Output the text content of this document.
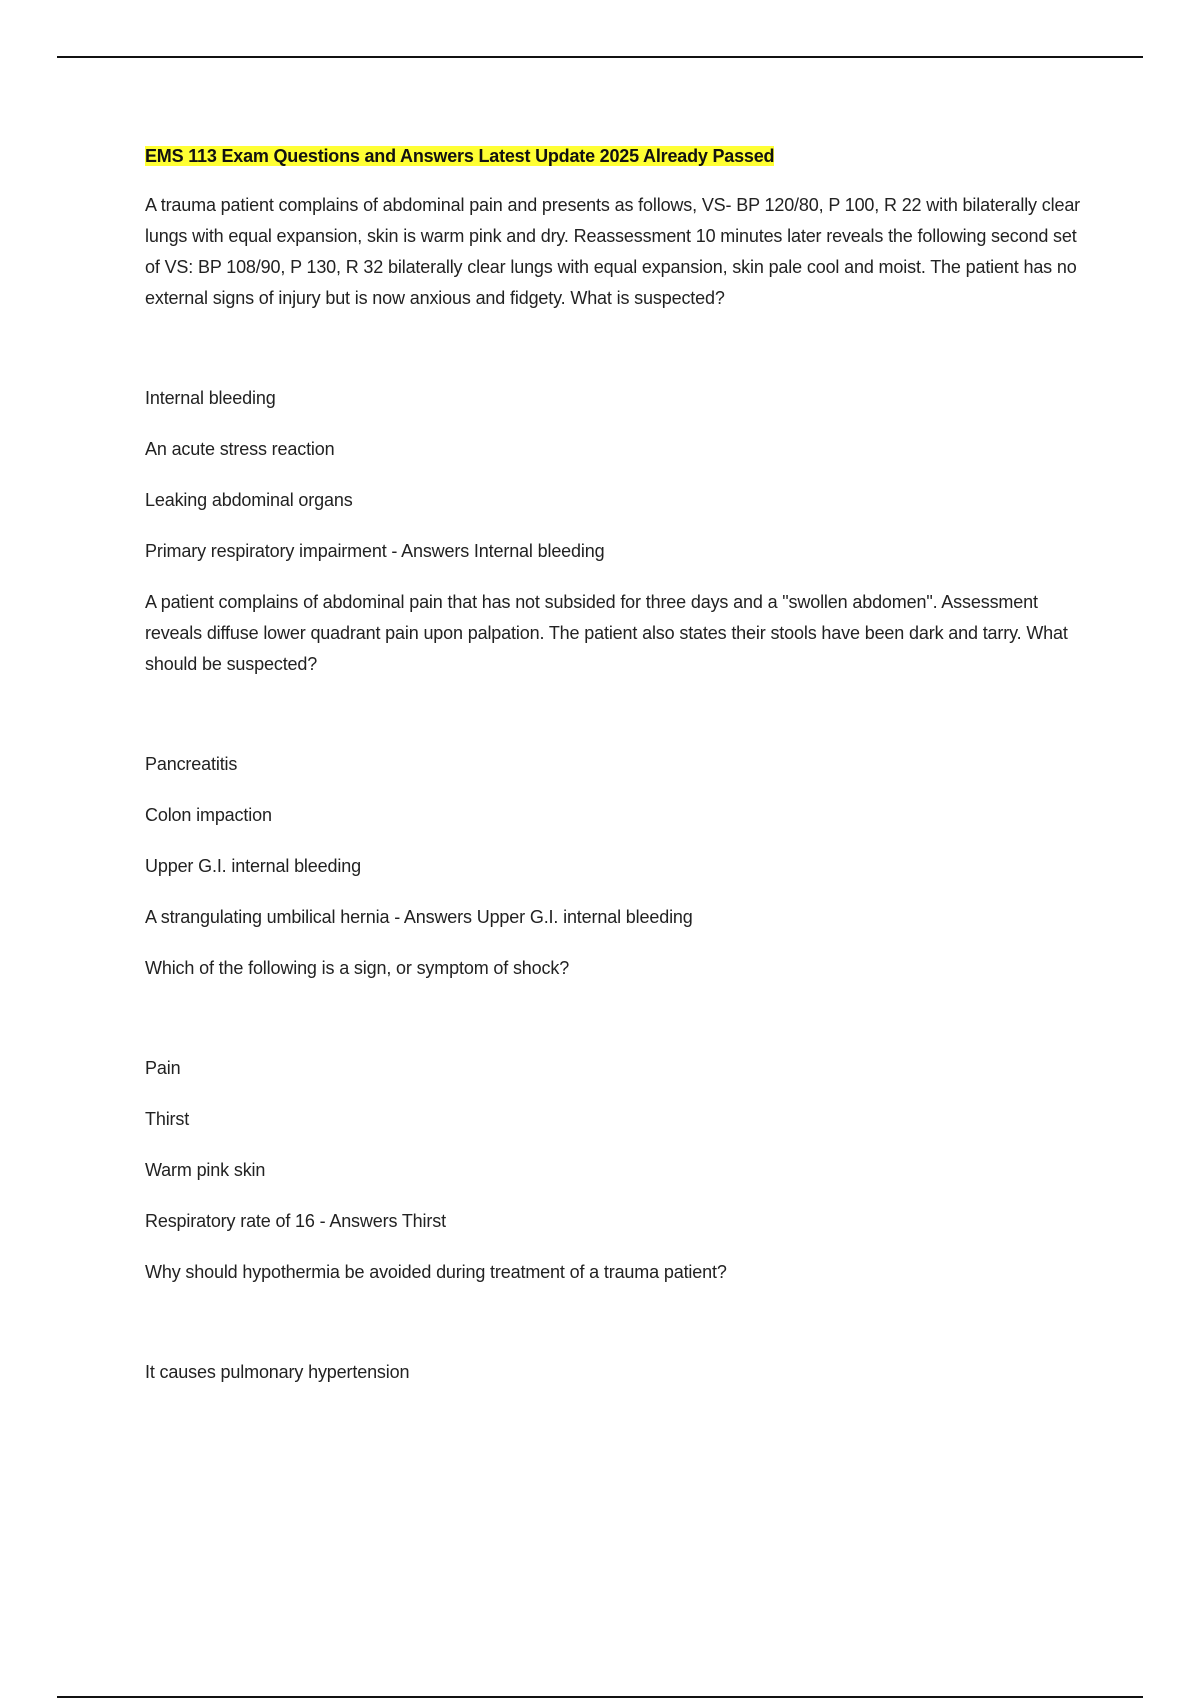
EMS 113 Exam Questions and Answers Latest Update 2025 Already Passed

A trauma patient complains of abdominal pain and presents as follows, VS- BP 120/80, P 100, R 22 with bilaterally clear lungs with equal expansion, skin is warm pink and dry. Reassessment 10 minutes later reveals the following second set of VS: BP 108/90, P 130, R 32 bilaterally clear lungs with equal expansion, skin pale cool and moist. The patient has no external signs of injury but is now anxious and fidgety. What is suspected?

Internal bleeding

An acute stress reaction

Leaking abdominal organs

Primary respiratory impairment - Answers Internal bleeding

A patient complains of abdominal pain that has not subsided for three days and a "swollen abdomen". Assessment reveals diffuse lower quadrant pain upon palpation. The patient also states their stools have been dark and tarry. What should be suspected?

Pancreatitis

Colon impaction

Upper G.I. internal bleeding

A strangulating umbilical hernia - Answers Upper G.I. internal bleeding

Which of the following is a sign, or symptom of shock?

Pain

Thirst

Warm pink skin

Respiratory rate of 16 - Answers Thirst

Why should hypothermia be avoided during treatment of a trauma patient?

It causes pulmonary hypertension
